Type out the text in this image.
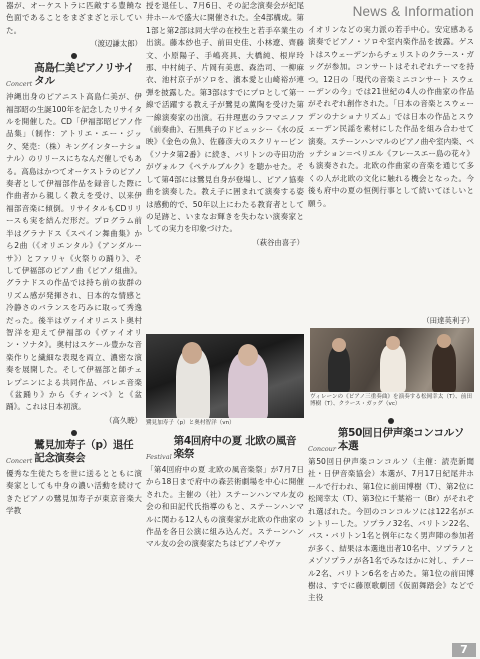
News & Information

器が、オーケストラに匹敵する豊饒な色面であることをまざまざと示していた。

（渡辺謙太郎）
Concert
高島仁美ピアノリサイタル

沖縄出身のピアニスト高島仁美が、伊福部昭の生誕100年を記念したリサイタルを開催した。CD「伊福部昭ピアノ作品集」（制作：アトリエ・エー・ジック、発売：（株）キングインターナショナル）のリリースにちなんだ催しでもある。高島はかつてオーケストラのピアノ奏者として伊福部作品を録音した際に作曲者から親しく教えを受け、以来伊福部音楽に傾倒。リサイタルもCDリリースも実を結んだ形だ。プログラム前半はグラナドス《スペイン舞曲集》から2曲（《オリエンタル》《アンダルーサ》）とファリャ《火祭りの踊り》、そして伊福部のピアノ曲《ピアノ組曲》。グラナドスの作品では持ち前の抜群のリズム感が発揮され、日本的な情感と冷静さのバランスを巧みに取って秀逸だった。後半はヴァイオリニスト奥村智洋を迎えて伊福部の《ヴァイオリン・ソナタ》。奥村はスケール豊かな音楽作りと繊細な表現を両立、濃密な演奏を展開した。そして伊福部と師チェレプニンによる共同作品、バレエ音楽《盆踊り》から《チィンベ》と《盆踊》。これは日本初演。

（高久暁）
Concert
鷺見加寿子（p）退任記念演奏会

優秀な生徒たちを世に送るとともに演奏家としても中身の濃い活動を続けてきたピアノの鷺見加寿子が東京音楽大学教

授を退任し、7月6日、その記念演奏会が紀尾井ホールで盛大に開催された。全4部構成。第1部と第2部は同大学の在校生と若手卒業生の出演。藤本紗也子、前田史佳、小林遼、齊藤文、小原陽子、手嶋亮具、大橋純、根岸玲那、中村純子、片岡有美恵、森浩司、一柳麻衣、池村京子がソロを、濱本愛と山崎裕が連弾を披露した。第3部はすでにプロとして第一線で活躍する教え子が鷺見の薫陶を受けた第一線演奏家の出演。石井理恵のラフマニノフ《前奏曲》、石黒典子のドビュッシー《水の反映》《金色の魚》、佐藤彦大のスクリャービン《ソナタ第2番》に続き、バリトンの寺田功治がヴォルフ《ペテルブルク》を聴かせた。そして第4部には鷺見自身が登場し、ピアノ協奏曲を演奏した。教え子に囲まれて演奏する姿は感動的で、50年以上にわたる教育者としての足跡と、いまなお輝きを失わない演奏家としての実力を印象づけた。

（萩谷由喜子）
Festival
第4回府中の夏 北欧の風音楽祭

「第4回府中の夏 北欧の風音楽祭」が7月7日から18日まで府中の森芸術劇場を中心に開催された。主催の（社）ステーンハンマル友の会の和田記代氏指導のもと、ステーンハンマルに関わる12人もの演奏家が北欧の作曲家の作品を各日公演に組み込んだ。ステーンハンマル友の会の演奏家たちはピアノやヴァ

鷺見加寿子（p）と奥村智洋（vn）

イオリンなどの実力派の若手中心。安定感ある演奏でピアノ・ソロや室内楽作品を披露。ゲストはスウェーデンからチェリストのクラース・ガッグが参加。コンサートはそれぞれテーマを持つ。12日の「現代の音楽ミニコンサート スウェーデンの今」では21世紀の4人の作曲家の作品がそれぞれ創作された。「日本の音楽とスウェーデンのナショナリズム」では日本の作品とスウェーデン民謡を素材にした作品を組み合わせて演奏。ステーンハンマルのピアノ曲や室内楽、ペッテション＝ベリエル《フレースエー島の花々》も演奏された。北欧の作曲家の音楽を通じて多くの人が北欧の文化に触れる機会となった。今後も府中の夏の恒例行事として続いてほしいと願う。

（田達英利子）
ヴィレーンの《ピアノ三重奏曲》を演奏する松岡幸太（T）、前田博樹（T）、クラース・ガッグ（vc）
Concour
第50回日伊声楽コンコルソ本選

第50回日伊声楽コンコルソ（主催：読売新聞社・日伊音楽協会）本選が、7月17日紀尾井ホールで行われ、第1位に前田博樹（T）、第2位に松岡幸太（T）、第3位に千葉裕一（Br）がそれぞれ選ばれた。今回のコンコルソには122名がエントリーした。ソプラノ32名、バリトン22名、バス・バリトン1名と例年になく男声陣の参加者が多く、結果は本選進出者10名中、ソプラノとメゾソプラノが各1名でみなほかに対し、テノール2名、バリトン6名を占めた。第1位の前田博樹は、すでに藤原歌劇団《仮面舞踏会》などで主役

7
